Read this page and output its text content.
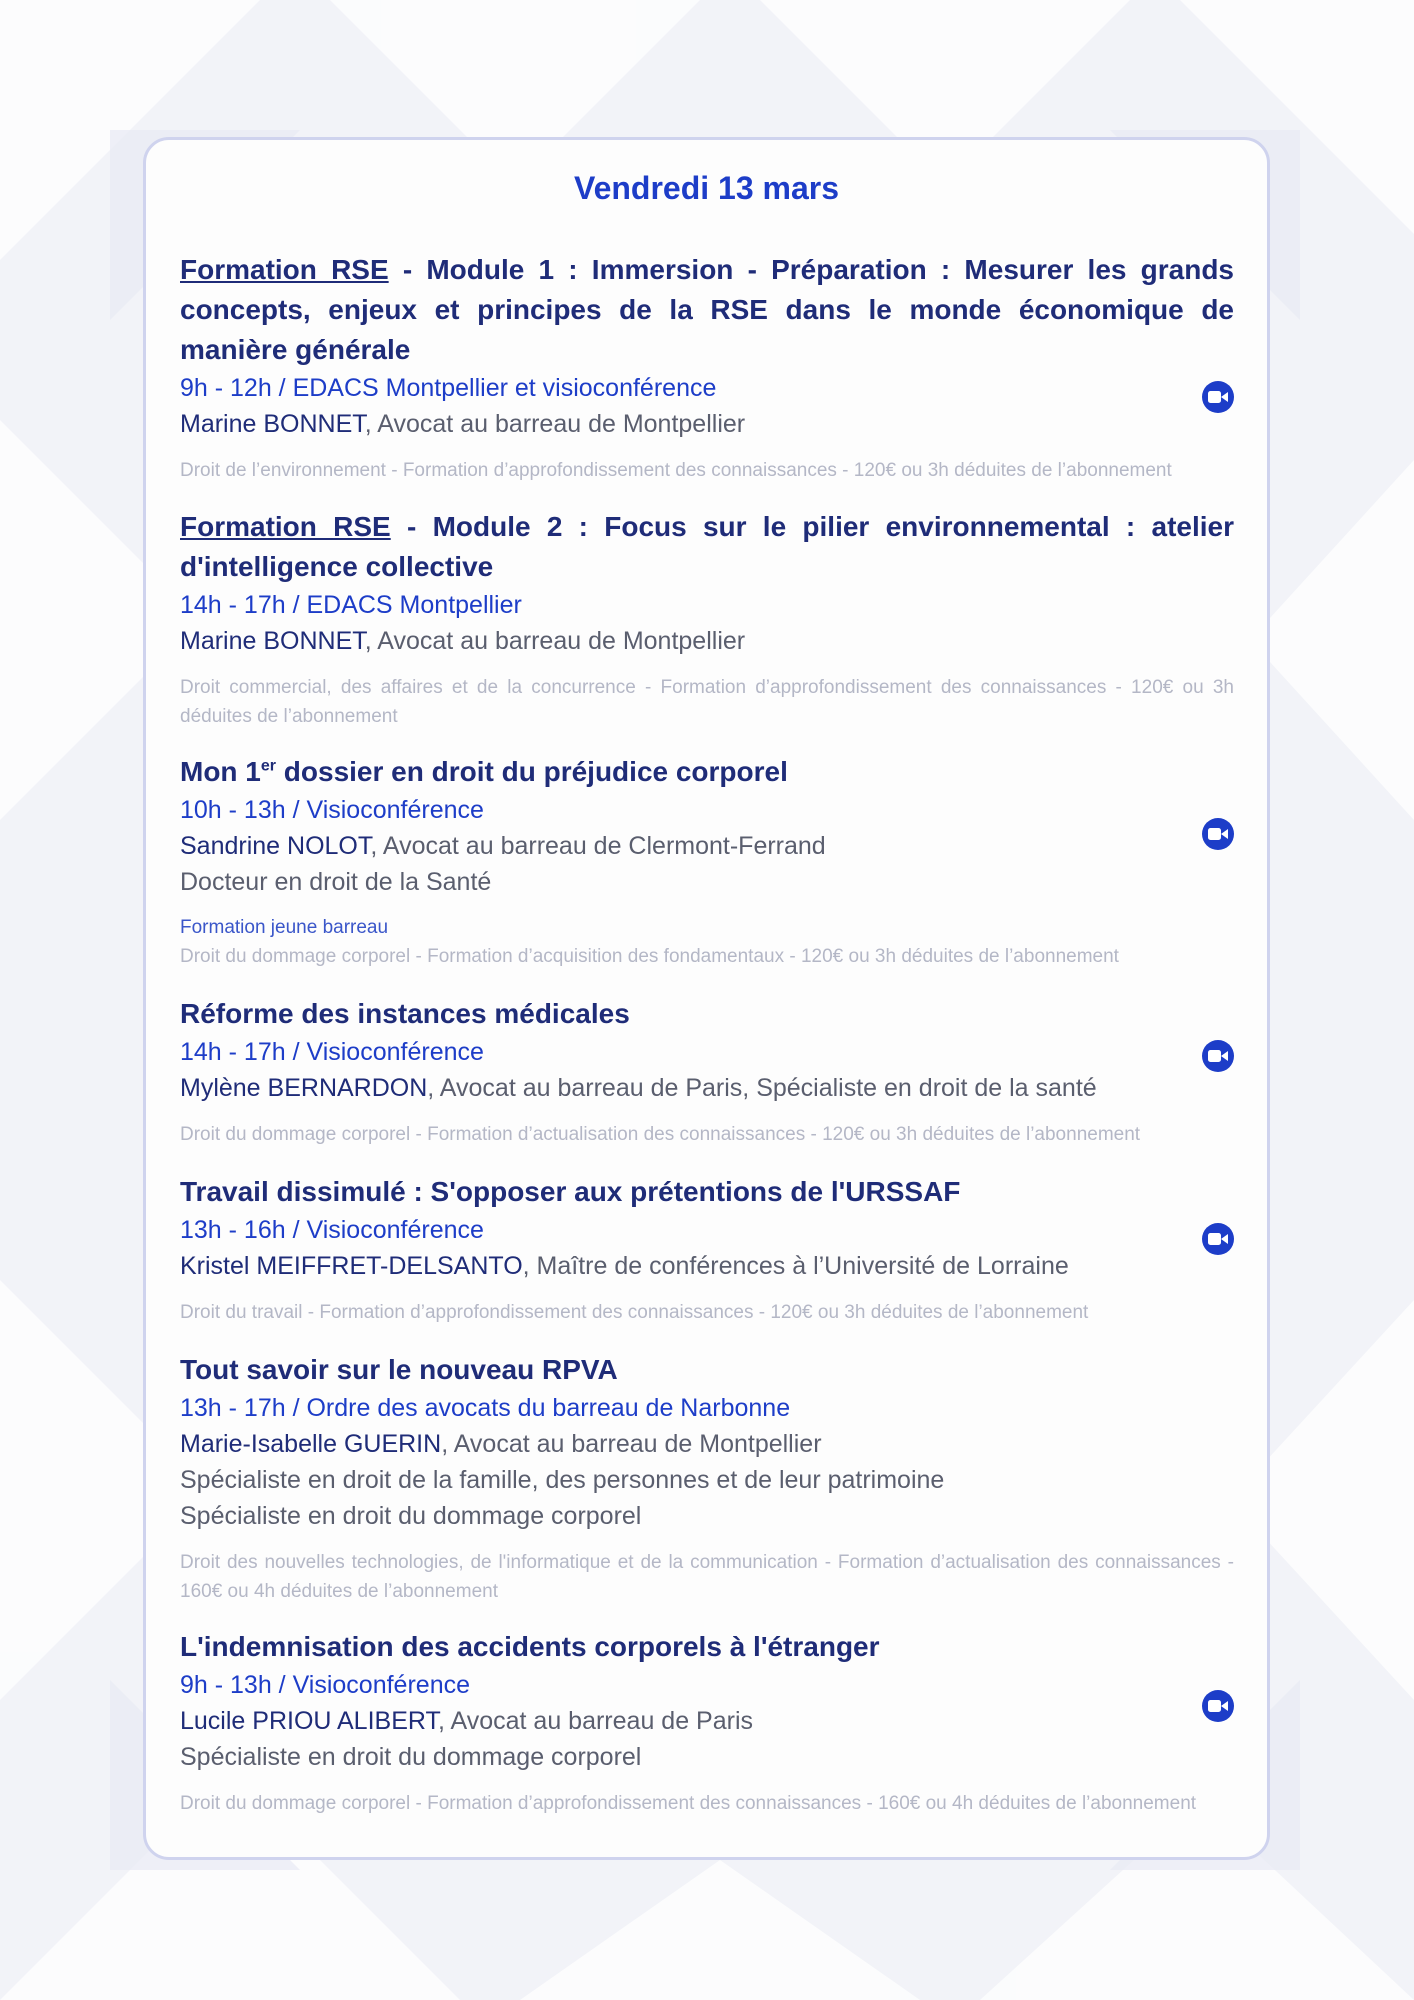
Vendredi 13 mars

Formation RSE - Module 1 : Immersion - Préparation : Mesurer les grands concepts, enjeux et principes de la RSE dans le monde économique de manière générale

9h - 12h / EDACS Montpellier et visioconférence

Marine BONNET, Avocat au barreau de Montpellier

Droit de l’environnement - Formation d’approfondissement des connaissances - 120€ ou 3h déduites de l’abonnement

Formation RSE - Module 2 : Focus sur le pilier environnemental : atelier d'intelligence collective

14h - 17h / EDACS Montpellier

Marine BONNET, Avocat au barreau de Montpellier

Droit commercial, des affaires et de la concurrence - Formation d’approfondissement des connaissances - 120€ ou 3h déduites de l’abonnement

Mon 1er dossier en droit du préjudice corporel

10h - 13h / Visioconférence

Sandrine NOLOT, Avocat au barreau de Clermont-Ferrand

Docteur en droit de la Santé

Formation jeune barreau

Droit du dommage corporel - Formation d’acquisition des fondamentaux - 120€ ou 3h déduites de l’abonnement

Réforme des instances médicales

14h - 17h / Visioconférence

Mylène BERNARDON, Avocat au barreau de Paris, Spécialiste en droit de la santé

Droit du dommage corporel - Formation d’actualisation des connaissances - 120€ ou 3h déduites de l’abonnement

Travail dissimulé : S'opposer aux prétentions de l'URSSAF

13h - 16h / Visioconférence

Kristel MEIFFRET-DELSANTO, Maître de conférences à l’Université de Lorraine

Droit du travail - Formation d’approfondissement des connaissances - 120€ ou 3h déduites de l’abonnement

Tout savoir sur le nouveau RPVA

13h - 17h / Ordre des avocats du barreau de Narbonne

Marie-Isabelle GUERIN, Avocat au barreau de Montpellier

Spécialiste en droit de la famille, des personnes et de leur patrimoine

Spécialiste en droit du dommage corporel

Droit des nouvelles technologies, de l'informatique et de la communication - Formation d’actualisation des connaissances - 160€ ou 4h déduites de l’abonnement

L'indemnisation des accidents corporels à l'étranger

9h - 13h / Visioconférence

Lucile PRIOU ALIBERT, Avocat au barreau de Paris

Spécialiste en droit du dommage corporel

Droit du dommage corporel - Formation d’approfondissement des connaissances - 160€ ou 4h déduites de l’abonnement
